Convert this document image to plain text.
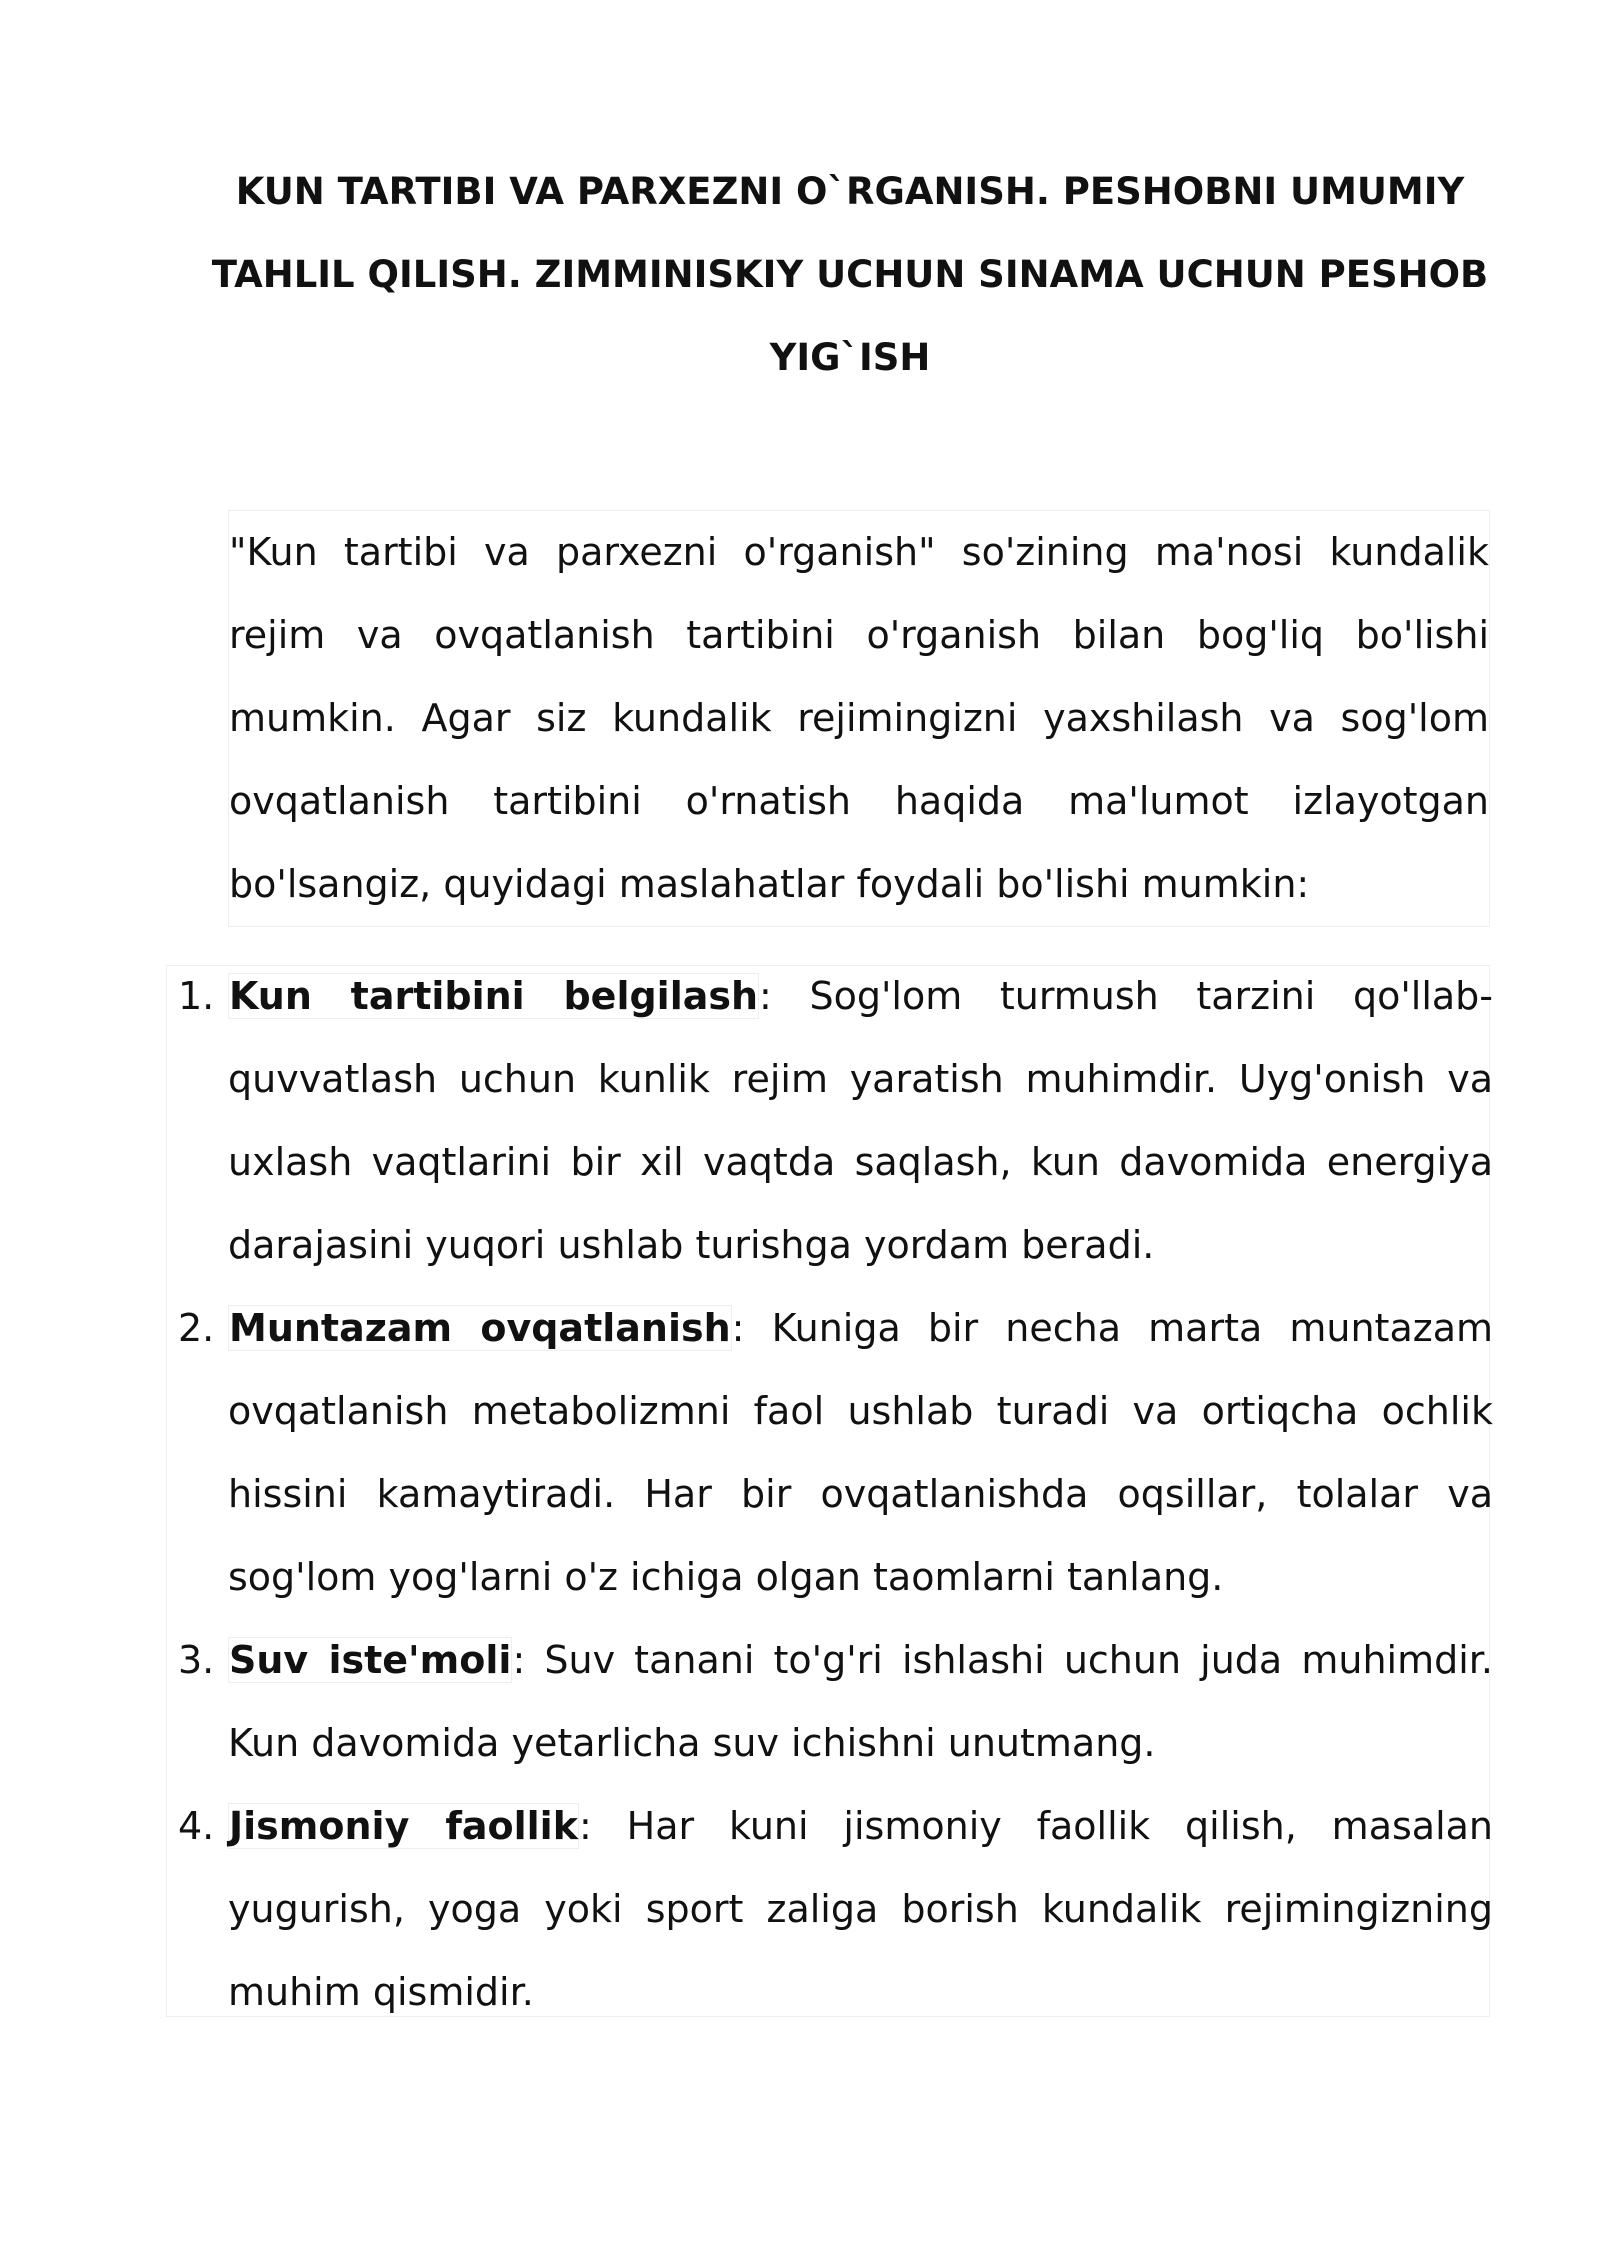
KUN TARTIBI VA PARXEZNI O`RGANISH. PESHOBNI UMUMIY TAHLIL QILISH. ZIMMINISKIY UCHUN SINAMA UCHUN PESHOB YIG`ISH

"Kun tartibi va parxezni o'rganish" so'zining ma'nosi kundalik rejim va ovqatlanish tartibini o'rganish bilan bog'liq bo'lishi mumkin. Agar siz kundalik rejimingizni yaxshilash va sog'lom ovqatlanish tartibini o'rnatish haqida ma'lumot izlayotgan bo'lsangiz, quyidagi maslahatlar foydali bo'lishi mumkin:

1. Kun tartibini belgilash: Sog'lom turmush tarzini qo'llab-quvvatlash uchun kunlik rejim yaratish muhimdir. Uyg'onish va uxlash vaqtlarini bir xil vaqtda saqlash, kun davomida energiya darajasini yuqori ushlab turishga yordam beradi.
2. Muntazam ovqatlanish: Kuniga bir necha marta muntazam ovqatlanish metabolizmni faol ushlab turadi va ortiqcha ochlik hissini kamaytiradi. Har bir ovqatlanishda oqsillar, tolalar va sog'lom yog'larni o'z ichiga olgan taomlarni tanlang.
3. Suv iste'moli: Suv tanani to'g'ri ishlashi uchun juda muhimdir. Kun davomida yetarlicha suv ichishni unutmang.
4. Jismoniy faollik: Har kuni jismoniy faollik qilish, masalan yugurish, yoga yoki sport zaliga borish kundalik rejimingizning muhim qismidir.
